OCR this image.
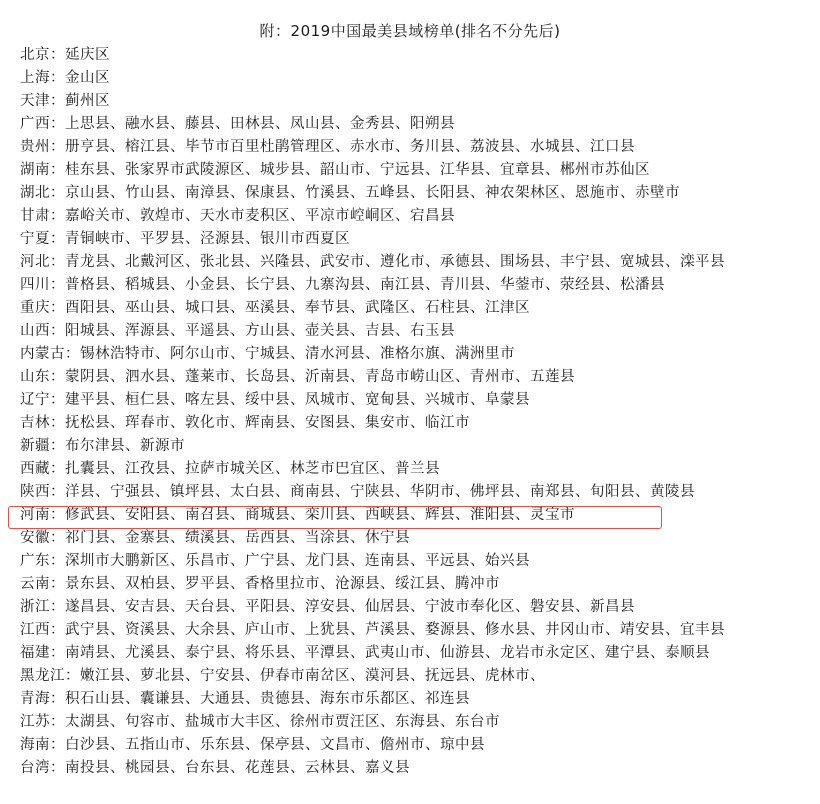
附：2019中国最美县域榜单(排名不分先后)
北京：延庆区
上海：金山区
天津：蓟州区
广西：上思县、融水县、藤县、田林县、凤山县、金秀县、阳朔县
贵州：册亨县、榕江县、毕节市百里杜鹃管理区、赤水市、务川县、荔波县、水城县、江口县
湖南：桂东县、张家界市武陵源区、城步县、韶山市、宁远县、江华县、宜章县、郴州市苏仙区
湖北：京山县、竹山县、南漳县、保康县、竹溪县、五峰县、长阳县、神农架林区、恩施市、赤壁市
甘肃：嘉峪关市、敦煌市、天水市麦积区、平凉市崆峒区、宕昌县
宁夏：青铜峡市、平罗县、泾源县、银川市西夏区
河北：青龙县、北戴河区、张北县、兴隆县、武安市、遵化市、承德县、围场县、丰宁县、宽城县、滦平县
四川：普格县、稻城县、小金县、长宁县、九寨沟县、南江县、青川县、华蓥市、荥经县、松潘县
重庆：酉阳县、巫山县、城口县、巫溪县、奉节县、武隆区、石柱县、江津区
山西：阳城县、浑源县、平遥县、方山县、壶关县、吉县、右玉县
内蒙古：锡林浩特市、阿尔山市、宁城县、清水河县、准格尔旗、满洲里市
山东：蒙阴县、泗水县、蓬莱市、长岛县、沂南县、青岛市崂山区、青州市、五莲县
辽宁：建平县、桓仁县、喀左县、绥中县、凤城市、宽甸县、兴城市、阜蒙县
吉林：抚松县、珲春市、敦化市、辉南县、安图县、集安市、临江市
新疆：布尔津县、新源市
西藏：扎囊县、江孜县、拉萨市城关区、林芝市巴宜区、普兰县
陕西：洋县、宁强县、镇坪县、太白县、商南县、宁陕县、华阴市、佛坪县、南郑县、旬阳县、黄陵县
河南：修武县、安阳县、南召县、商城县、栾川县、西峡县、辉县、淮阳县、灵宝市
安徽：祁门县、金寨县、绩溪县、岳西县、当涂县、休宁县
广东：深圳市大鹏新区、乐昌市、广宁县、龙门县、连南县、平远县、始兴县
云南：景东县、双柏县、罗平县、香格里拉市、沧源县、绥江县、腾冲市
浙江：遂昌县、安吉县、天台县、平阳县、淳安县、仙居县、宁波市奉化区、磐安县、新昌县
江西：武宁县、资溪县、大余县、庐山市、上犹县、芦溪县、婺源县、修水县、井冈山市、靖安县、宜丰县
福建：南靖县、尤溪县、泰宁县、将乐县、平潭县、武夷山市、仙游县、龙岩市永定区、建宁县、泰顺县
黑龙江：嫩江县、萝北县、宁安县、伊春市南岔区、漠河县、抚远县、虎林市、
青海：积石山县、囊谦县、大通县、贵德县、海东市乐都区、祁连县
江苏：太湖县、句容市、盐城市大丰区、徐州市贾汪区、东海县、东台市
海南：白沙县、五指山市、乐东县、保亭县、文昌市、儋州市、琼中县
台湾：南投县、桃园县、台东县、花莲县、云林县、嘉义县
